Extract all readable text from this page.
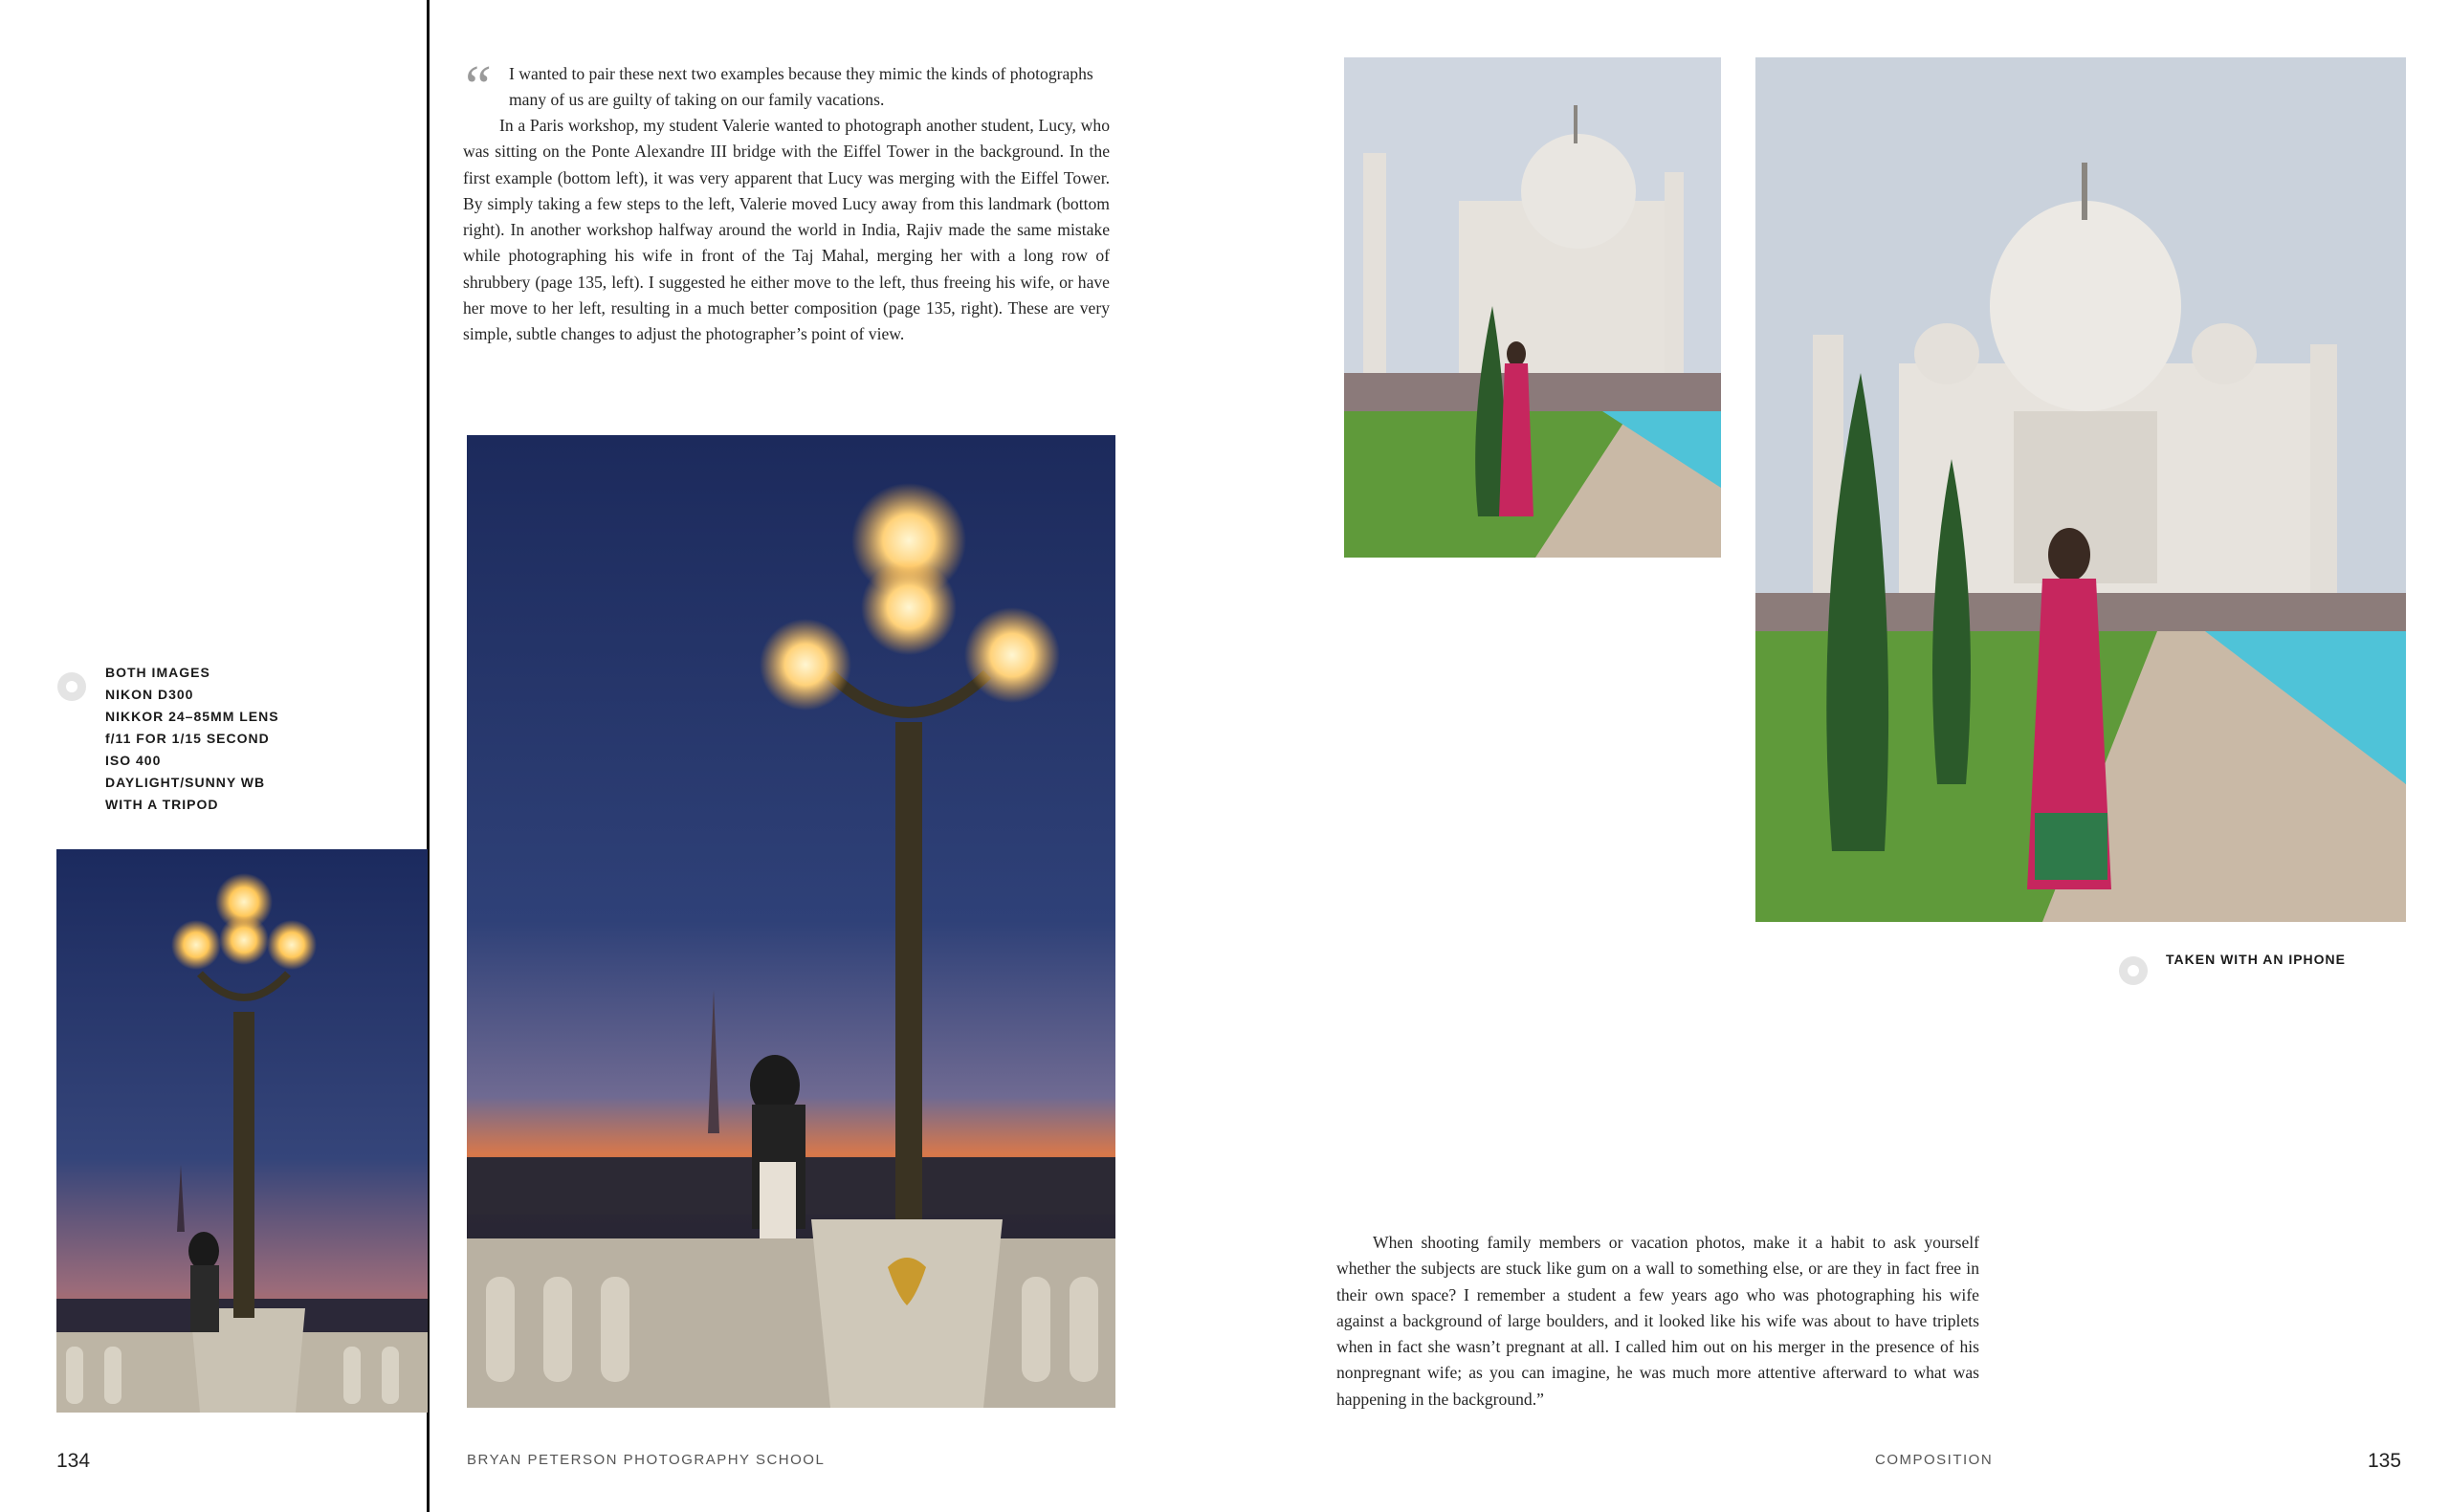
“ I wanted to pair these next two examples because they mimic the kinds of photographs many of us are guilty of taking on our family vacations.

In a Paris workshop, my student Valerie wanted to photograph another student, Lucy, who was sitting on the Ponte Alexandre III bridge with the Eiffel Tower in the background. In the first example (bottom left), it was very apparent that Lucy was merging with the Eiffel Tower. By simply taking a few steps to the left, Valerie moved Lucy away from this landmark (bottom right). In another workshop halfway around the world in India, Rajiv made the same mistake while photographing his wife in front of the Taj Mahal, merging her with a long row of shrubbery (page 135, left). I suggested he either move to the left, thus freeing his wife, or have her move to her left, resulting in a much better composition (page 135, right). These are very simple, subtle changes to adjust the photographer’s point of view.

BOTH IMAGES
NIKON D300
NIKKOR 24–85MM LENS
f/11 FOR 1/15 SECOND
ISO 400
DAYLIGHT/SUNNY WB
WITH A TRIPOD
TAKEN WITH AN IPHONE

When shooting family members or vacation photos, make it a habit to ask yourself whether the subjects are stuck like gum on a wall to something else, or are they in fact free in their own space? I remember a student a few years ago who was photographing his wife against a background of large boulders, and it looked like his wife was about to have triplets when in fact she wasn’t pregnant at all. I called him out on his merger in the presence of his nonpregnant wife; as you can imagine, he was much more attentive afterward to what was happening in the background.”

134	BRYAN PETERSON PHOTOGRAPHY SCHOOL	COMPOSITION	135
